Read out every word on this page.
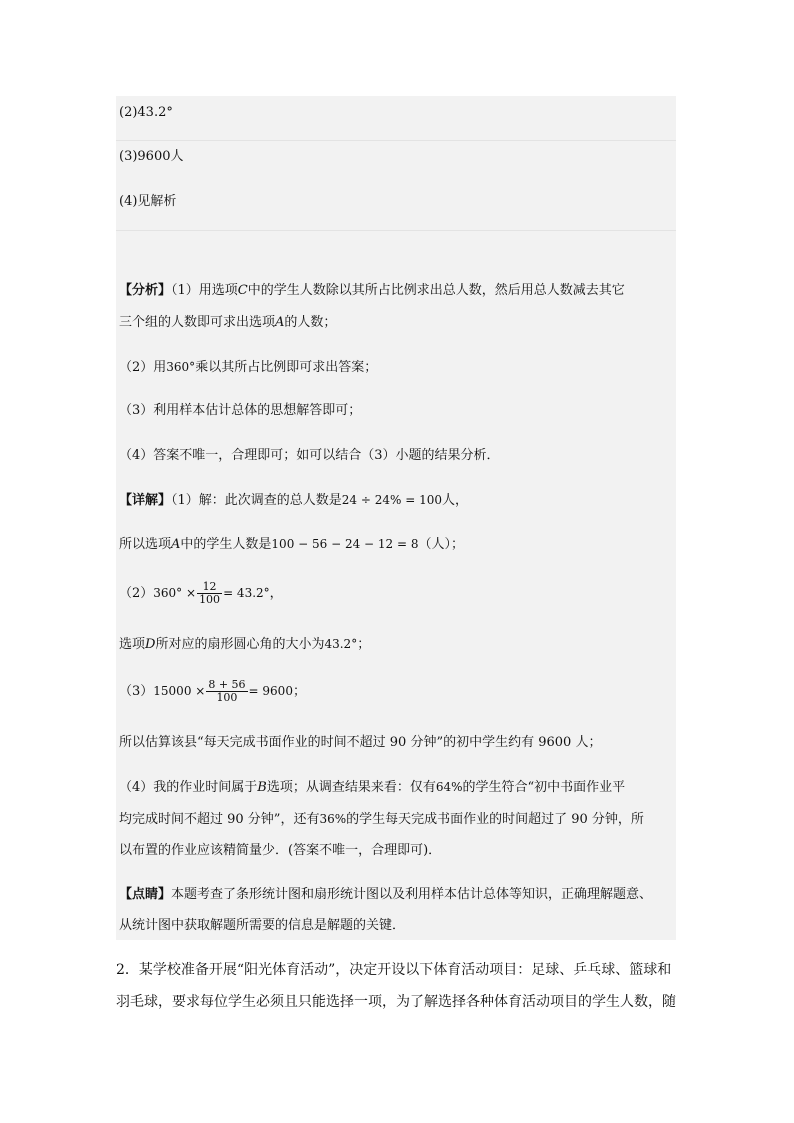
(2)43.2°
(3)9600人
(4)见解析
【分析】（1）用选项C中的学生人数除以其所占比例求出总人数，然后用总人数减去其它
三个组的人数即可求出选项A的人数；
（2）用360°乘以其所占比例即可求出答案；
（3）利用样本估计总体的思想解答即可；
（4）答案不唯一，合理即可；如可以结合（3）小题的结果分析．
【详解】（1）解：此次调查的总人数是24 ÷ 24% = 100人，
所以选项A中的学生人数是100 − 56 − 24 − 12 = 8（人）；
$(2)360^\circ \times \frac{12}{100} = 43.2^\circ$，
选项D所对应的扇形圆心角的大小为43.2°；
$(3)15000 \times \frac{8 + 56}{100} = 9600$；
所以估算该县“每天完成书面作业的时间不超过 90 分钟”的初中学生约有 9600 人；
（4）我的作业时间属于B选项；从调查结果来看：仅有64%的学生符合“初中书面作业平
均完成时间不超过 90 分钟”，还有36%的学生每天完成书面作业的时间超过了 90 分钟，所
以布置的作业应该精简量少．(答案不唯一，合理即可)．
【点睛】本题考查了条形统计图和扇形统计图以及利用样本估计总体等知识，正确理解题意、
从统计图中获取解题所需要的信息是解题的关键．
2．某学校准备开展“阳光体育活动”，决定开设以下体育活动项目：足球、乒乓球、篮球和
羽毛球，要求每位学生必须且只能选择一项，为了解选择各种体育活动项目的学生人数，随
